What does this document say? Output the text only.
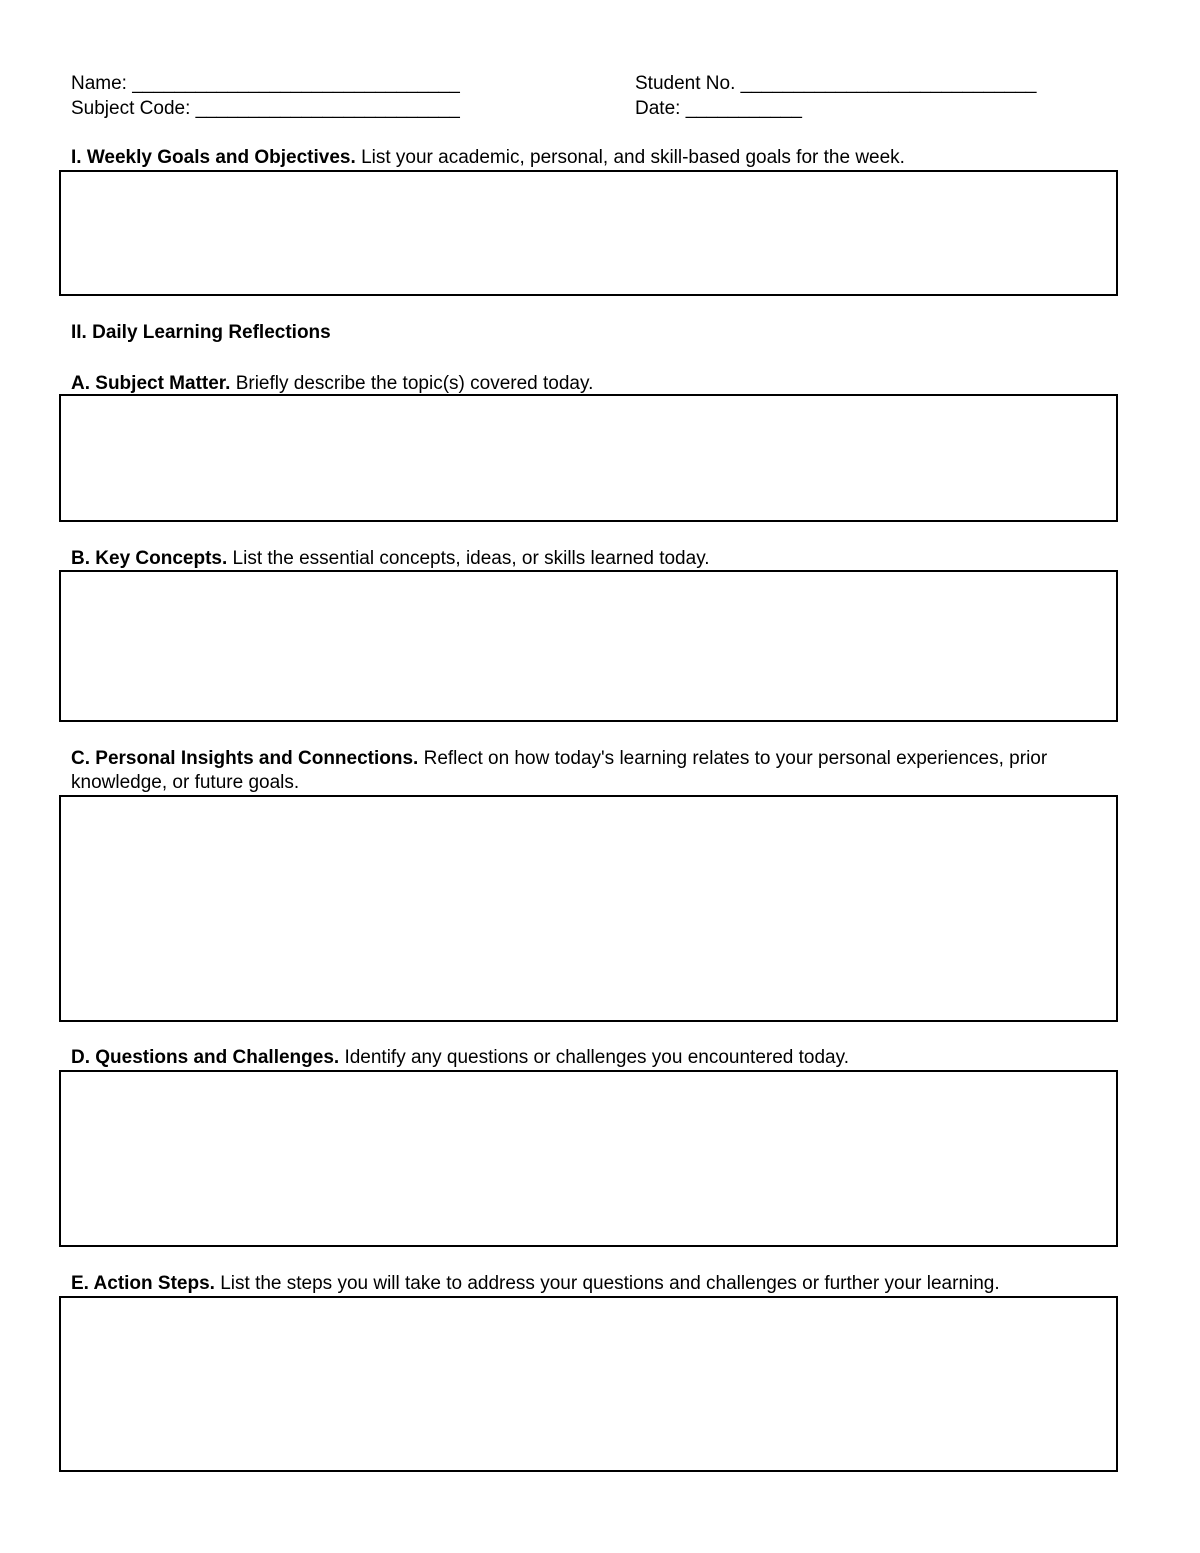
Name: _______________________________	Student No. ____________________________
Subject Code: _________________________	Date: ___________
I. Weekly Goals and Objectives. List your academic, personal, and skill-based goals for the week.
II. Daily Learning Reflections
A. Subject Matter. Briefly describe the topic(s) covered today.
B. Key Concepts. List the essential concepts, ideas, or skills learned today.
C. Personal Insights and Connections. Reflect on how today's learning relates to your personal experiences, prior knowledge, or future goals.
D. Questions and Challenges. Identify any questions or challenges you encountered today.
E. Action Steps. List the steps you will take to address your questions and challenges or further your learning.
